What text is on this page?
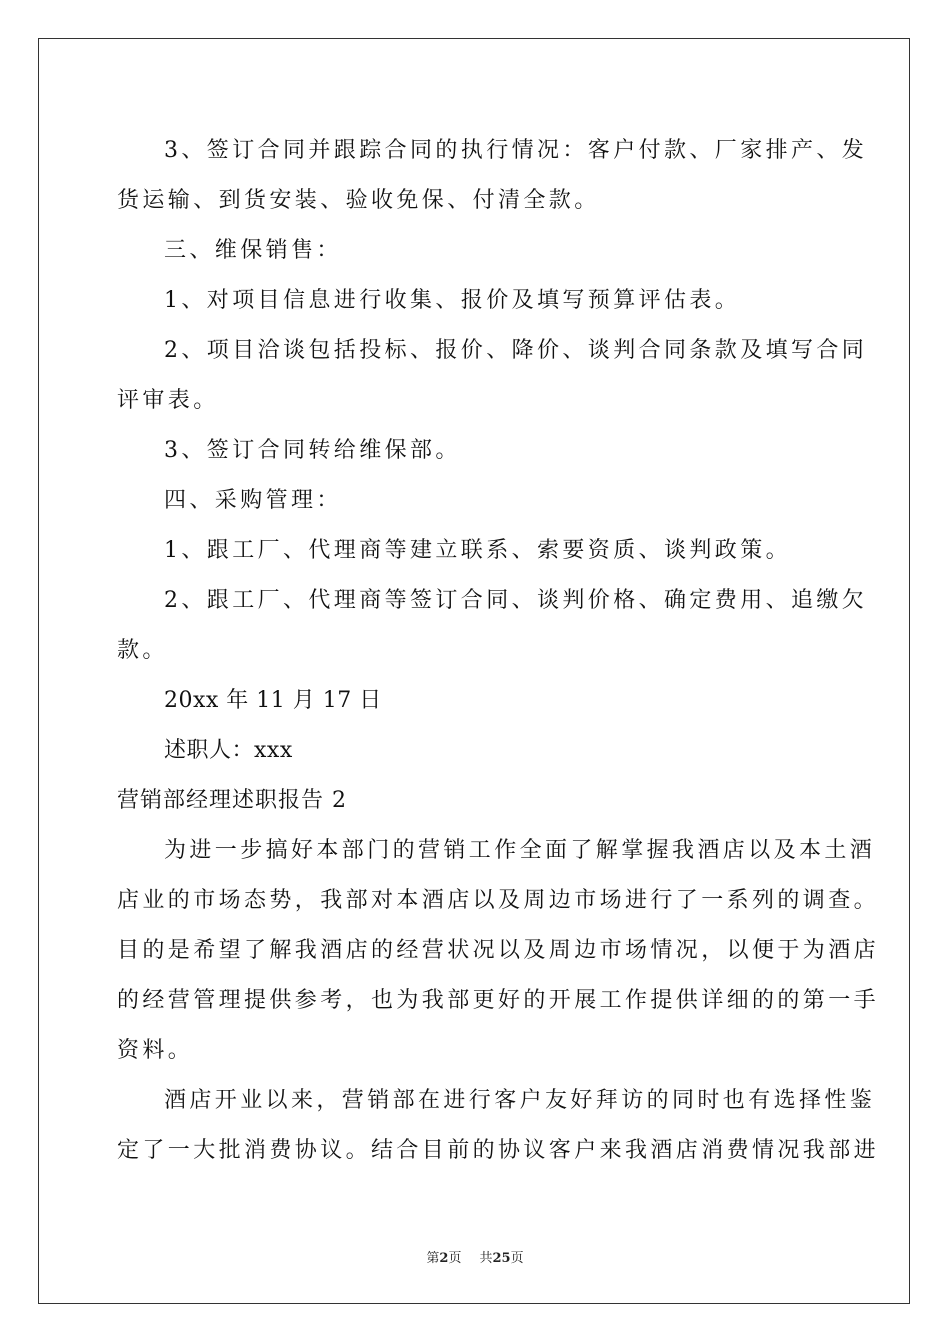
3、签订合同并跟踪合同的执行情况：客户付款、厂家排产、发
货运输、到货安装、验收免保、付清全款。
三、维保销售：
1、对项目信息进行收集、报价及填写预算评估表。
2、项目洽谈包括投标、报价、降价、谈判合同条款及填写合同
评审表。
3、签订合同转给维保部。
四、采购管理：
1、跟工厂、代理商等建立联系、索要资质、谈判政策。
2、跟工厂、代理商等签订合同、谈判价格、确定费用、追缴欠
款。
20xx 年 11 月 17 日
述职人：xxx
营销部经理述职报告 2
为进一步搞好本部门的营销工作全面了解掌握我酒店以及本土酒
店业的市场态势，我部对本酒店以及周边市场进行了一系列的调查。
目的是希望了解我酒店的经营状况以及周边市场情况，以便于为酒店
的经营管理提供参考，也为我部更好的开展工作提供详细的的第一手
资料。
酒店开业以来，营销部在进行客户友好拜访的同时也有选择性鉴
定了一大批消费协议。结合目前的协议客户来我酒店消费情况我部进
第2页 共25页
